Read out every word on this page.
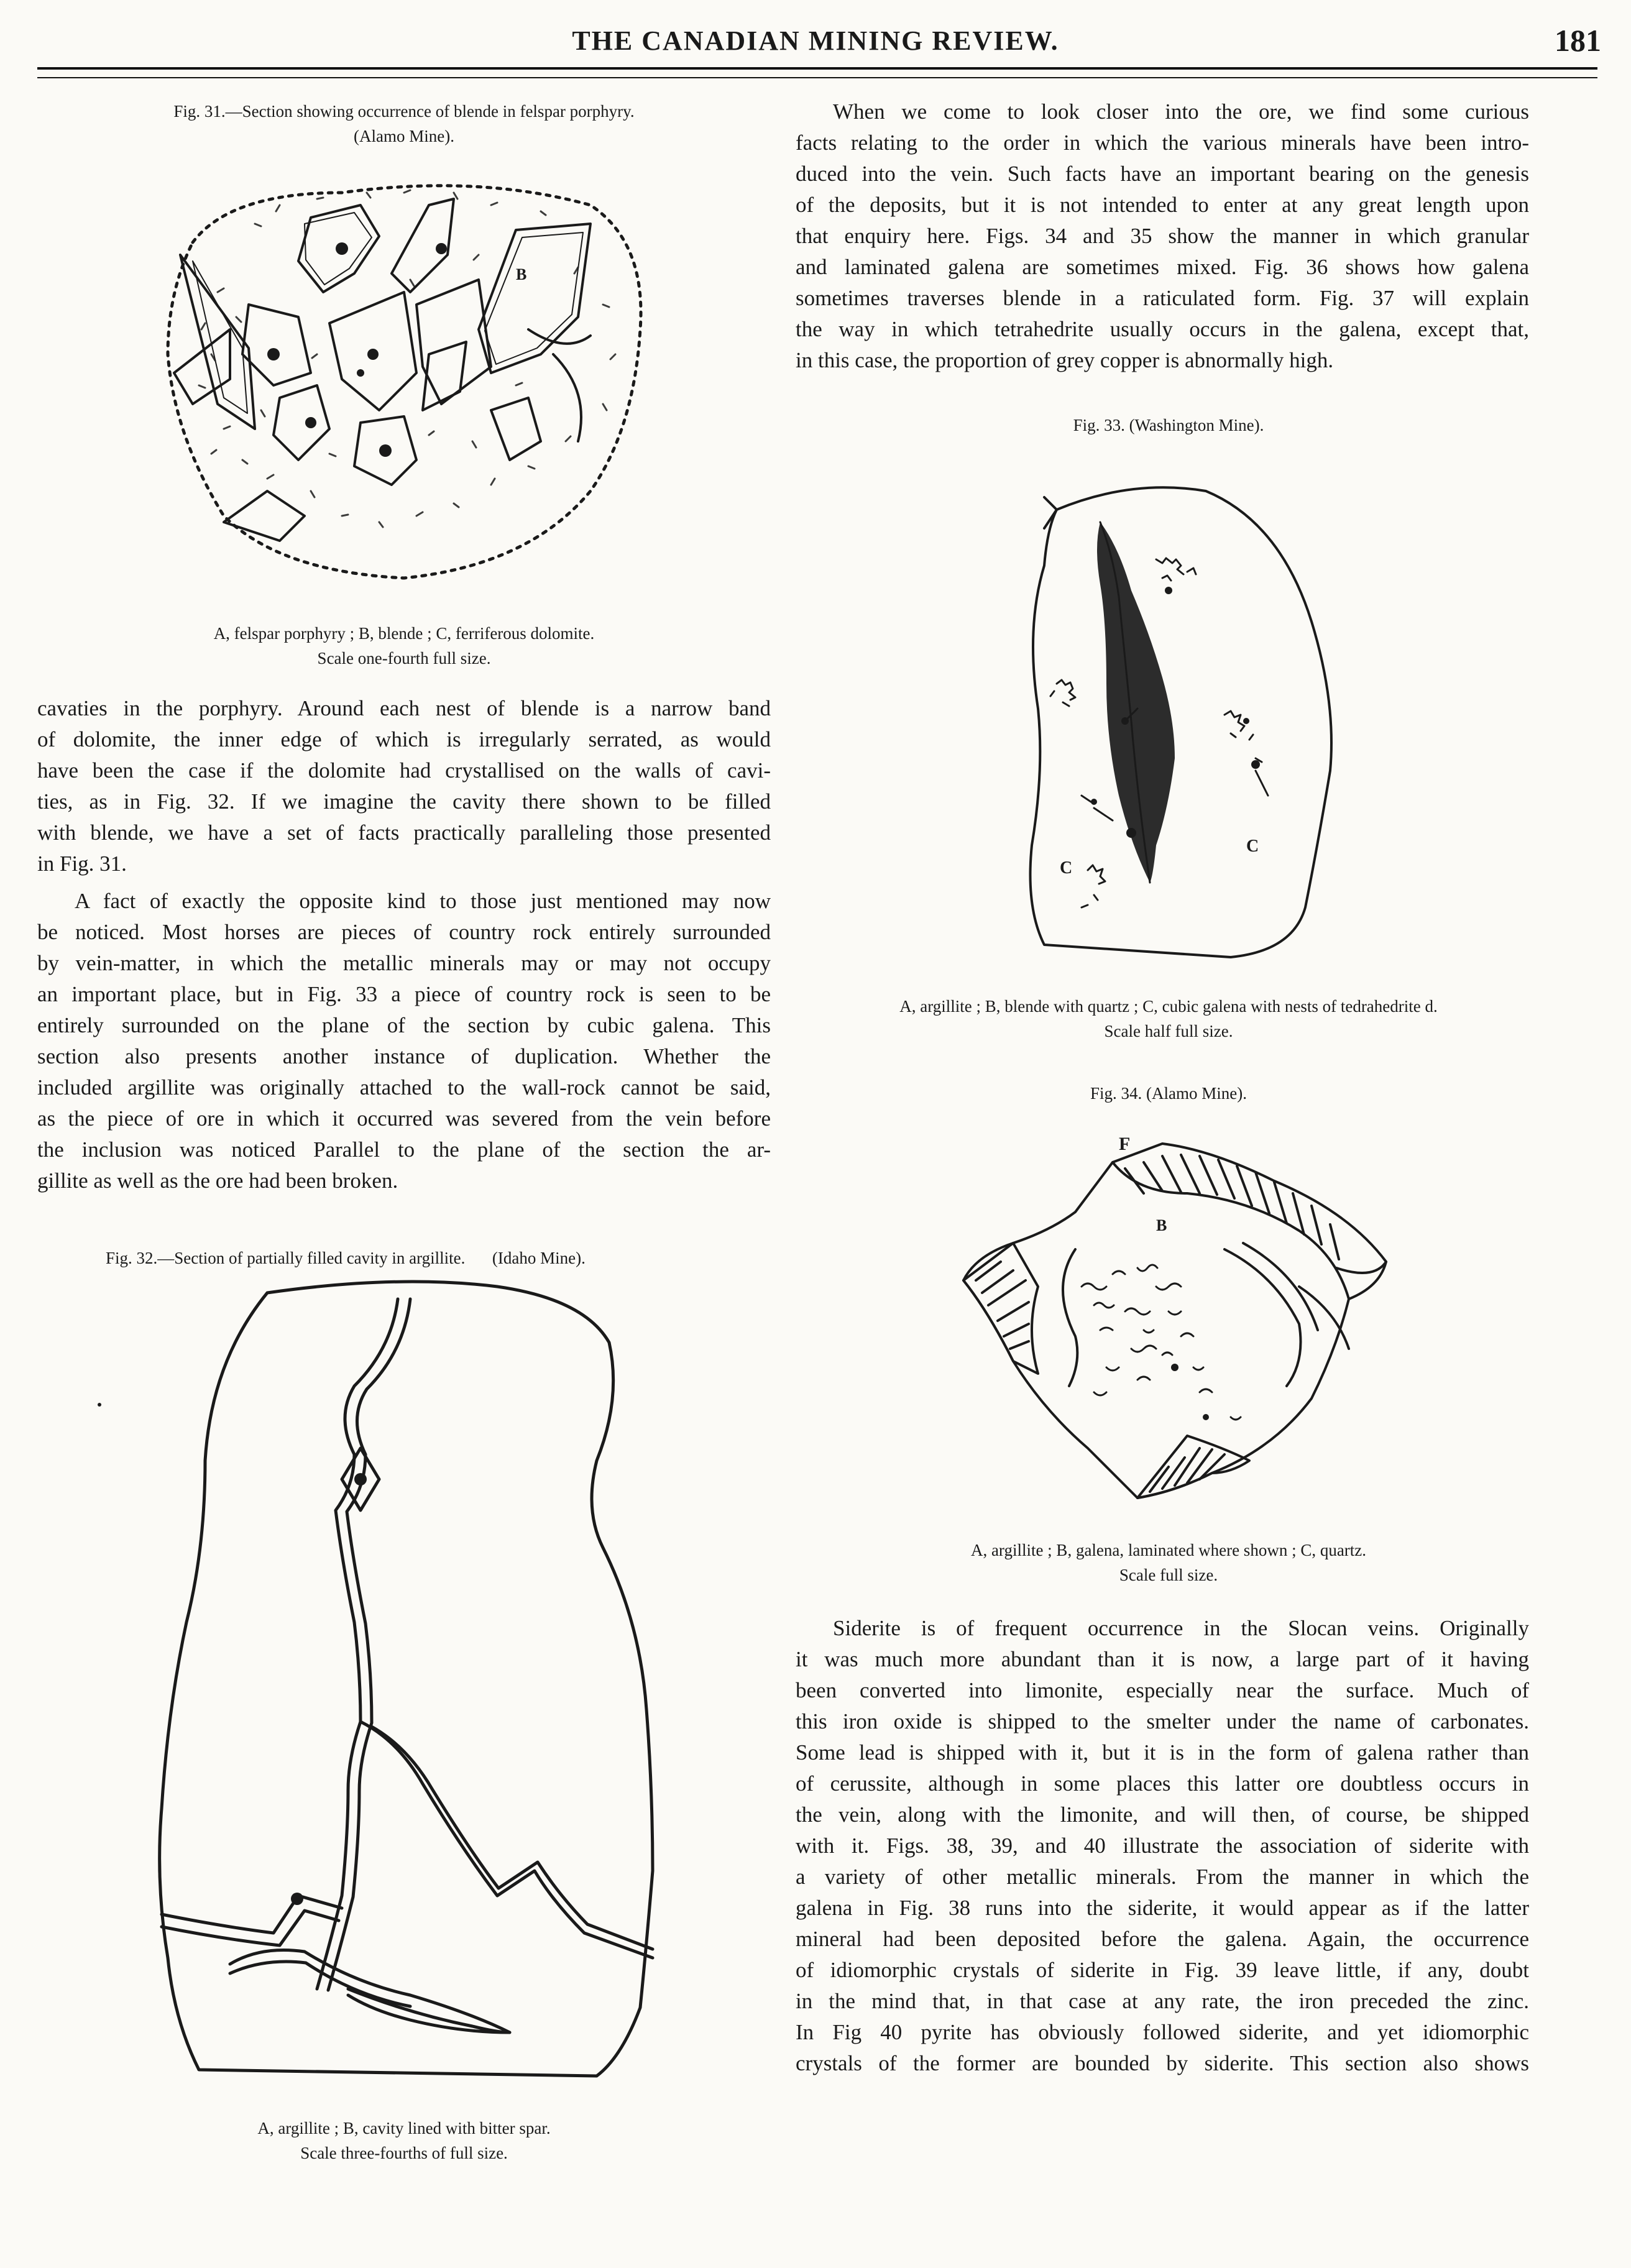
THE CANADIAN MINING REVIEW.	181
Fig. 31.—Section showing occurrence of blende in felspar porphyry.
(Alamo Mine).
B
A, felspar porphyry ; B, blende ; C, ferriferous dolomite.
Scale one-fourth full size.
cavaties in the porphyry. Around each nest of blende is a narrow band
of dolomite, the inner edge of which is irregularly serrated, as would
have been the case if the dolomite had crystallised on the walls of cavi-
ties, as in Fig. 32. If we imagine the cavity there shown to be filled
with blende, we have a set of facts practically paralleling those presented
in Fig. 31.
A fact of exactly the opposite kind to those just mentioned may now
be noticed. Most horses are pieces of country rock entirely surrounded
by vein-matter, in which the metallic minerals may or may not occupy
an important place, but in Fig. 33 a piece of country rock is seen to be
entirely surrounded on the plane of the section by cubic galena. This
section also presents another instance of duplication. Whether the
included argillite was originally attached to the wall-rock cannot be said,
as the piece of ore in which it occurred was severed from the vein before
the inclusion was noticed Parallel to the plane of the section the ar-
gillite as well as the ore had been broken.
Fig. 32.—Section of partially filled cavity in argillite. (Idaho Mine).
A, argillite ; B, cavity lined with bitter spar.
Scale three-fourths of full size.
When we come to look closer into the ore, we find some curious
facts relating to the order in which the various minerals have been intro-
duced into the vein. Such facts have an important bearing on the genesis
of the deposits, but it is not intended to enter at any great length upon
that enquiry here. Figs. 34 and 35 show the manner in which granular
and laminated galena are sometimes mixed. Fig. 36 shows how galena
sometimes traverses blende in a raticulated form. Fig. 37 will explain
the way in which tetrahedrite usually occurs in the galena, except that,
in this case, the proportion of grey copper is abnormally high.
Fig. 33. (Washington Mine).
C
C
A, argillite ; B, blende with quartz ; C, cubic galena with nests of tedrahedrite d.
Scale half full size.
Fig. 34. (Alamo Mine).
F
B
A, argillite ; B, galena, laminated where shown ; C, quartz.
Scale full size.
Siderite is of frequent occurrence in the Slocan veins. Originally
it was much more abundant than it is now, a large part of it having
been converted into limonite, especially near the surface. Much of
this iron oxide is shipped to the smelter under the name of carbonates.
Some lead is shipped with it, but it is in the form of galena rather than
of cerussite, although in some places this latter ore doubtless occurs in
the vein, along with the limonite, and will then, of course, be shipped
with it. Figs. 38, 39, and 40 illustrate the association of siderite with
a variety of other metallic minerals. From the manner in which the
galena in Fig. 38 runs into the siderite, it would appear as if the latter
mineral had been deposited before the galena. Again, the occurrence
of idiomorphic crystals of siderite in Fig. 39 leave little, if any, doubt
in the mind that, in that case at any rate, the iron preceded the zinc.
In Fig 40 pyrite has obviously followed siderite, and yet idiomorphic
crystals of the former are bounded by siderite. This section also shows
